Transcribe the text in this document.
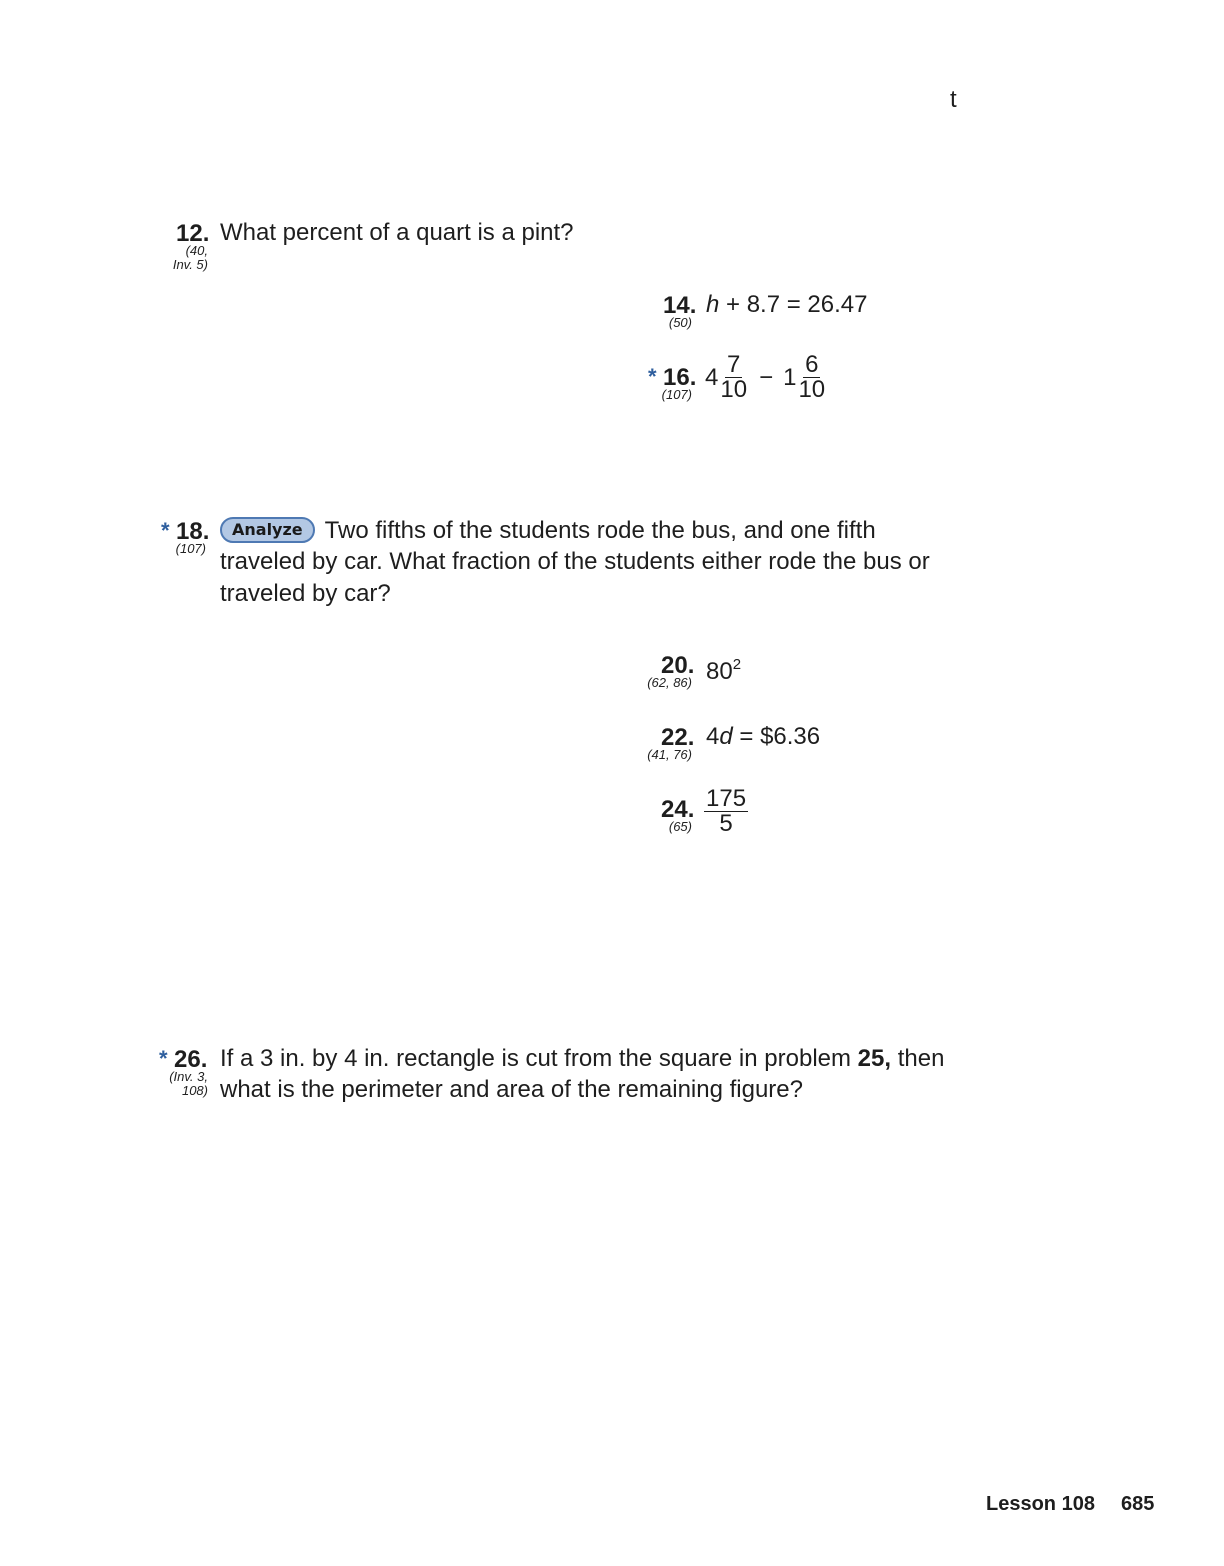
t
12.
(40,
Inv. 5)
What percent of a quart is a pint?
14.
(50)
h + 8.7 = 26.47
* 16.
(107)
$4 \frac{7}{10} - 1 \frac{6}{10}$
* 18.
(107)
Analyze Two fifths of the students rode the bus, and one fifth
traveled by car. What fraction of the students either rode the bus or
traveled by car?
20.
(62, 86) $80^2$
22.
(41, 76)
4d = $6.36
24.
$(65) \frac{175}{5}$
* 26.
(Inv. 3,
108)
If a 3 in. by 4 in. rectangle is cut from the square in problem 25, then
what is the perimeter and area of the remaining figure?
Lesson 108 685
